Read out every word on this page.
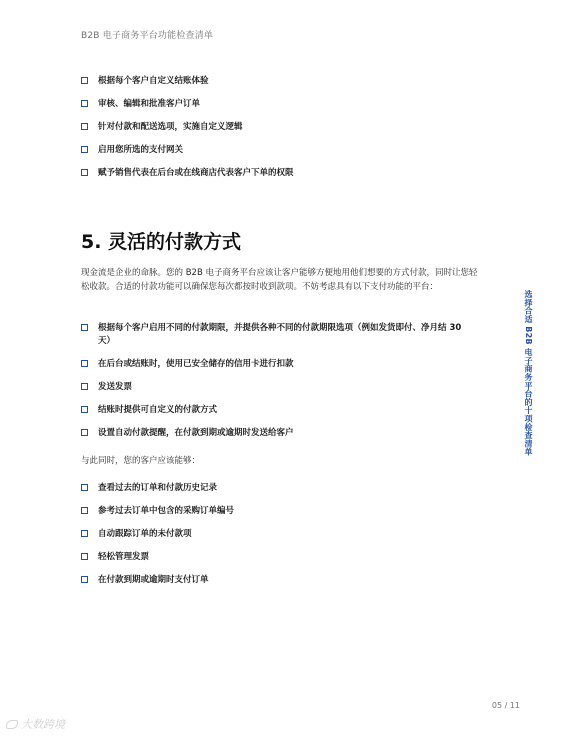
B2B 电子商务平台功能检查清单
选择合适 B2B 电子商务平台的十项检查清单
根据每个客户自定义结账体验
审核、编辑和批准客户订单
针对付款和配送选项，实施自定义逻辑
启用您所选的支付网关
赋予销售代表在后台或在线商店代表客户下单的权限
5. 灵活的付款方式

现金流是企业的命脉。您的 B2B 电子商务平台应该让客户能够方便地用他们想要的方式付款，同时让您轻松收款。合适的付款功能可以确保您每次都按时收到款项。不妨考虑具有以下支付功能的平台：

根据每个客户启用不同的付款期限，并提供各种不同的付款期限选项（例如发货即付、净月结 30 天）
在后台或结账时，使用已安全储存的信用卡进行扣款
发送发票
结账时提供可自定义的付款方式
设置自动付款提醒，在付款到期或逾期时发送给客户

与此同时，您的客户应该能够：

查看过去的订单和付款历史记录
参考过去订单中包含的采购订单编号
自动跟踪订单的未付款项
轻松管理发票
在付款到期或逾期时支付订单
05 / 11
大数跨境
